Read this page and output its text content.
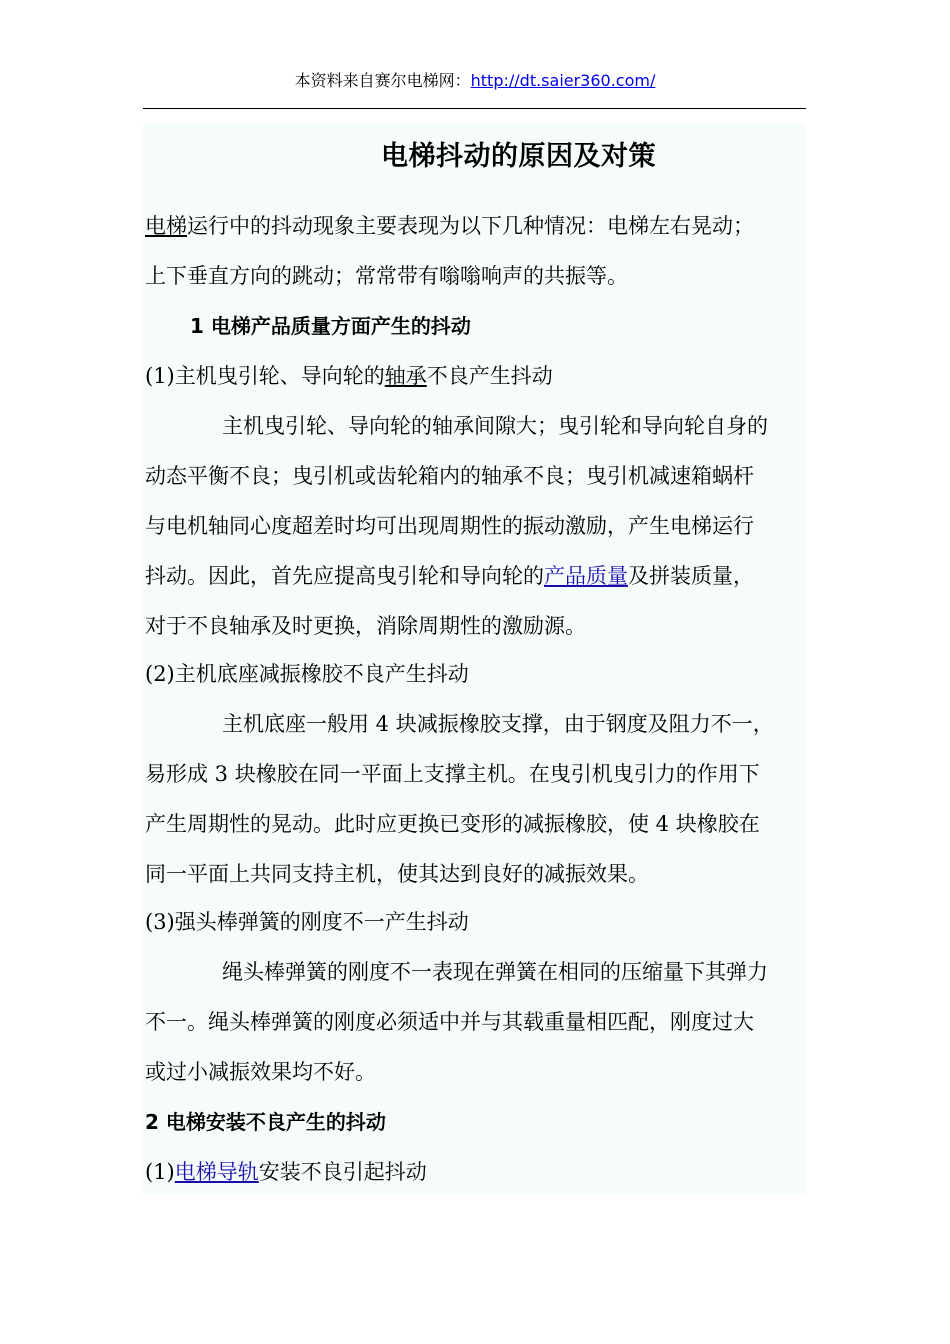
本资料来自赛尔电梯网：http://dt.saier360.com/
电梯抖动的原因及对策
电梯运行中的抖动现象主要表现为以下几种情况：电梯左右晃动；
上下垂直方向的跳动；常常带有嗡嗡响声的共振等。
1 电梯产品质量方面产生的抖动
(1)主机曳引轮、导向轮的轴承不良产生抖动
主机曳引轮、导向轮的轴承间隙大；曳引轮和导向轮自身的
动态平衡不良；曳引机或齿轮箱内的轴承不良；曳引机减速箱蜗杆
与电机轴同心度超差时均可出现周期性的振动激励，产生电梯运行
抖动。因此，首先应提高曳引轮和导向轮的产品质量及拼装质量，
对于不良轴承及时更换，消除周期性的激励源。
(2)主机底座减振橡胶不良产生抖动
主机底座一般用 4 块减振橡胶支撑，由于钢度及阻力不一，
易形成 3 块橡胶在同一平面上支撑主机。在曳引机曳引力的作用下
产生周期性的晃动。此时应更换已变形的减振橡胶，使 4 块橡胶在
同一平面上共同支持主机，使其达到良好的减振效果。
(3)强头棒弹簧的刚度不一产生抖动
绳头棒弹簧的刚度不一表现在弹簧在相同的压缩量下其弹力
不一。绳头棒弹簧的刚度必须适中并与其载重量相匹配，刚度过大
或过小减振效果均不好。
2 电梯安装不良产生的抖动
(1)电梯导轨安装不良引起抖动
